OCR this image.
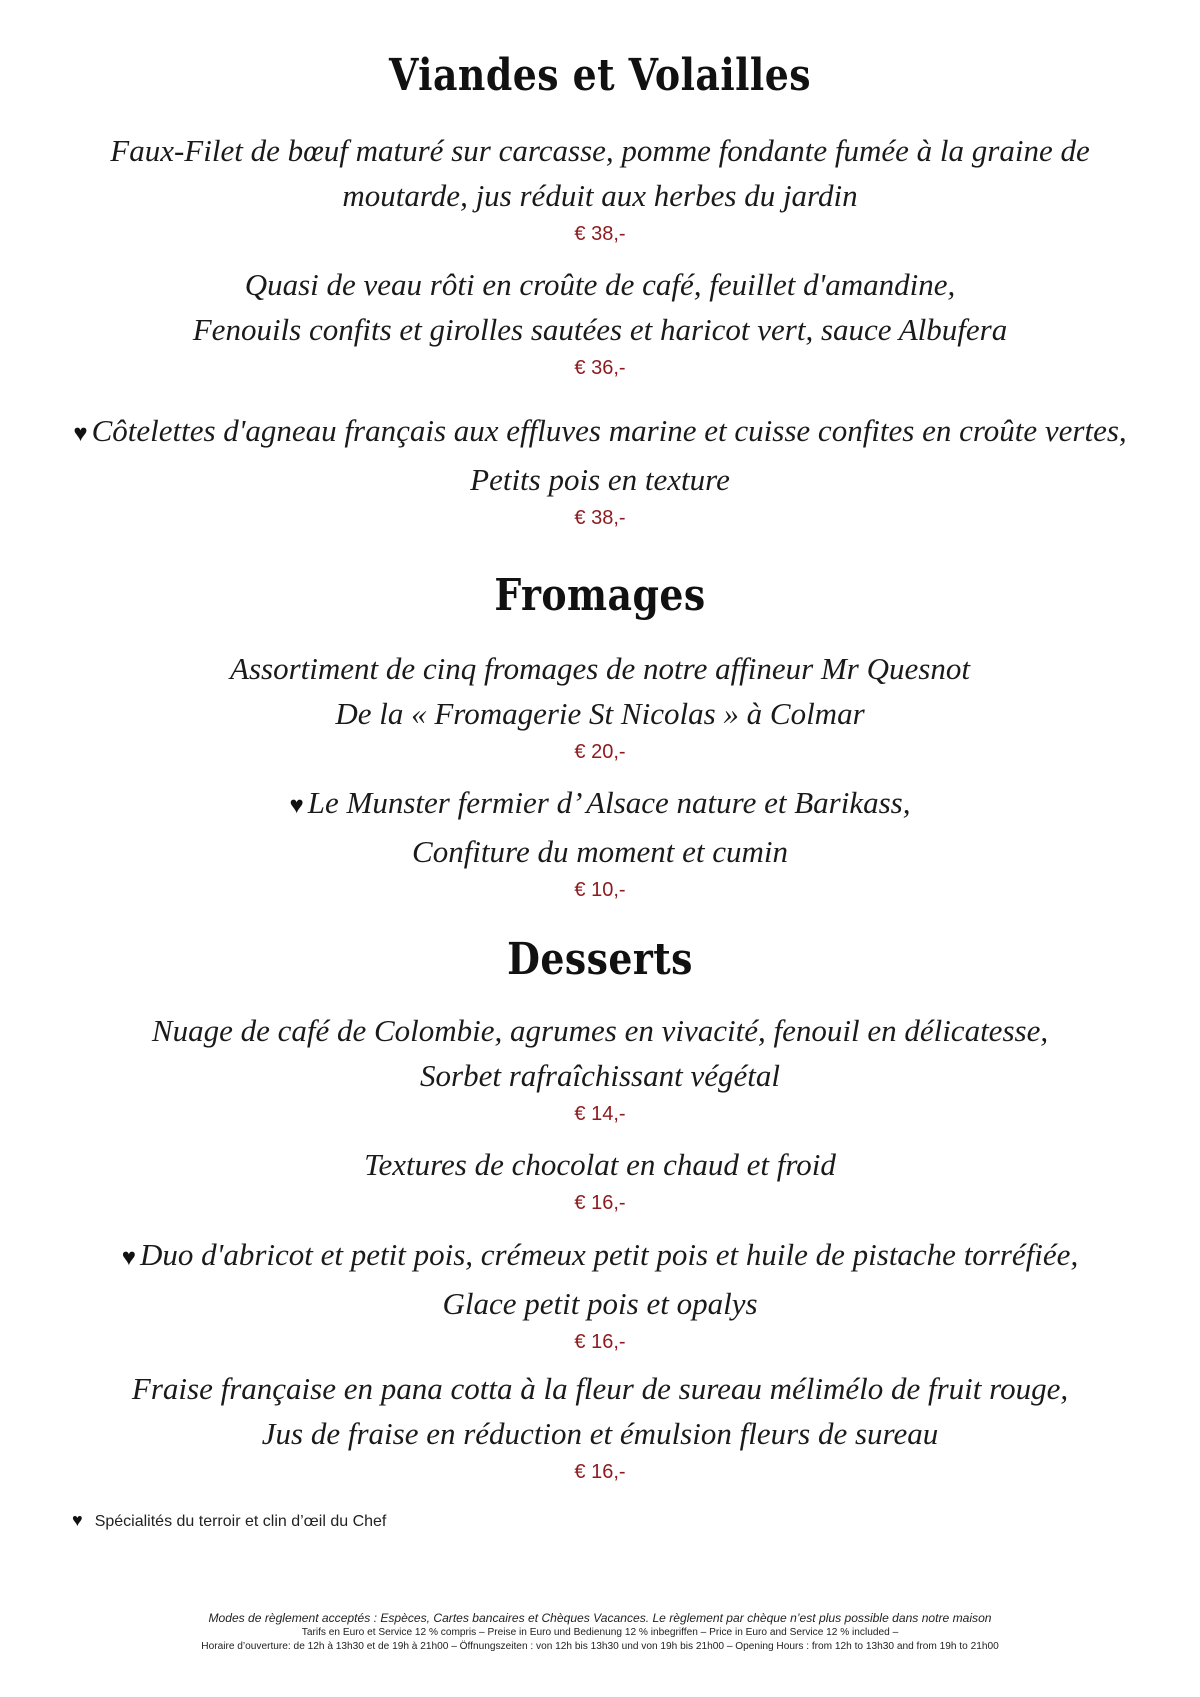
Viandes et Volailles
Faux-Filet de bœuf maturé sur carcasse, pomme fondante fumée à la graine de
moutarde, jus réduit aux herbes du jardin
€ 38,-
Quasi de veau rôti en croûte de café, feuillet d'amandine,
Fenouils confits et girolles sautées et haricot vert, sauce Albufera
€ 36,-
♥ Côtelettes d'agneau français aux effluves marine et cuisse confites en croûte vertes,
Petits pois en texture
€ 38,-
Fromages
Assortiment de cinq fromages de notre affineur Mr Quesnot
De la « Fromagerie St Nicolas » à Colmar
€ 20,-
♥ Le Munster fermier d’ Alsace nature et Barikass,
Confiture du moment et cumin
€ 10,-
Desserts
Nuage de café de Colombie, agrumes en vivacité, fenouil en délicatesse,
Sorbet rafraîchissant végétal
€ 14,-
Textures de chocolat en chaud et froid
€ 16,-
♥ Duo d'abricot et petit pois, crémeux petit pois et huile de pistache torréfiée,
Glace petit pois et opalys
€ 16,-
Fraise française en pana cotta à la fleur de sureau mélimélo de fruit rouge,
Jus de fraise en réduction et émulsion fleurs de sureau
€ 16,-
♥ Spécialités du terroir et clin d’œil du Chef
Modes de règlement acceptés : Espèces, Cartes bancaires et Chèques Vacances. Le règlement par chèque n’est plus possible dans notre maison
Tarifs en Euro et Service 12 % compris – Preise in Euro und Bedienung 12 % inbegriffen – Price in Euro and Service 12 % included –
Horaire d’ouverture: de 12h à 13h30 et de 19h à 21h00 – Öffnungszeiten : von 12h bis 13h30 und von 19h bis 21h00 – Opening Hours : from 12h to 13h30 and from 19h to 21h00
